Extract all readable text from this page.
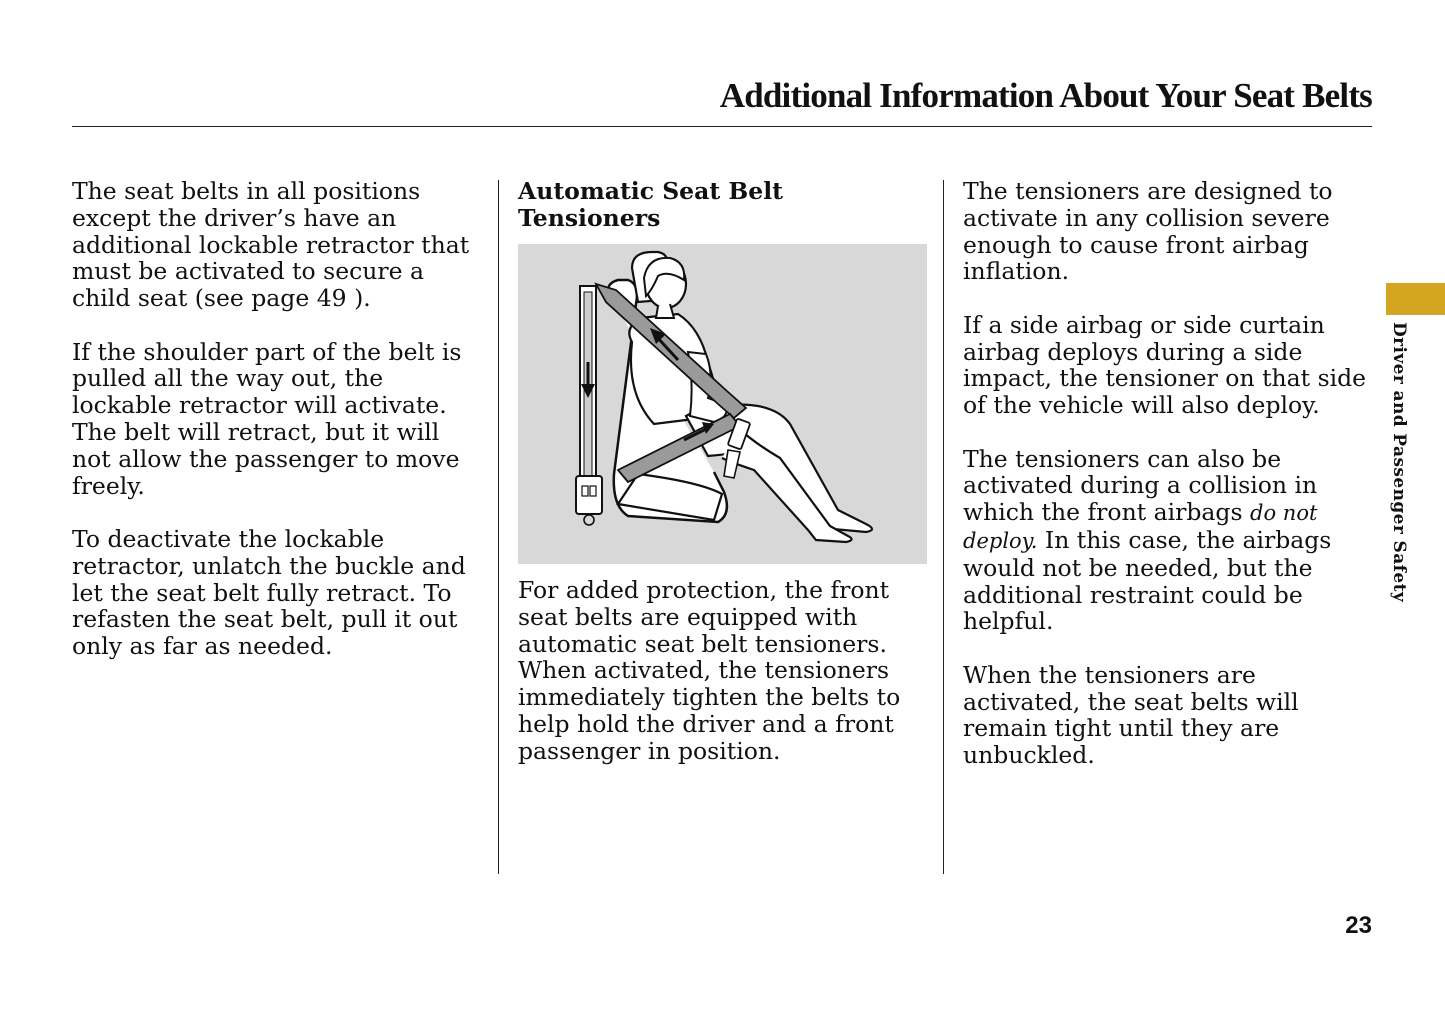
Additional Information About Your Seat Belts

The seat belts in all positions except the driver’s have an additional lockable retractor that must be activated to secure a child seat (see page 49 ).

If the shoulder part of the belt is pulled all the way out, the lockable retractor will activate. The belt will retract, but it will not allow the passenger to move freely.

To deactivate the lockable retractor, unlatch the buckle and let the seat belt fully retract. To refasten the seat belt, pull it out only as far as needed.

Automatic Seat Belt Tensioners

For added protection, the front seat belts are equipped with automatic seat belt tensioners. When activated, the tensioners immediately tighten the belts to help hold the driver and a front passenger in position.

The tensioners are designed to activate in any collision severe enough to cause front airbag inflation.

If a side airbag or side curtain airbag deploys during a side impact, the tensioner on that side of the vehicle will also deploy.

The tensioners can also be activated during a collision in which the front airbags do not deploy. In this case, the airbags would not be needed, but the additional restraint could be helpful.

When the tensioners are activated, the seat belts will remain tight until they are unbuckled.

Driver and Passenger Safety
23
